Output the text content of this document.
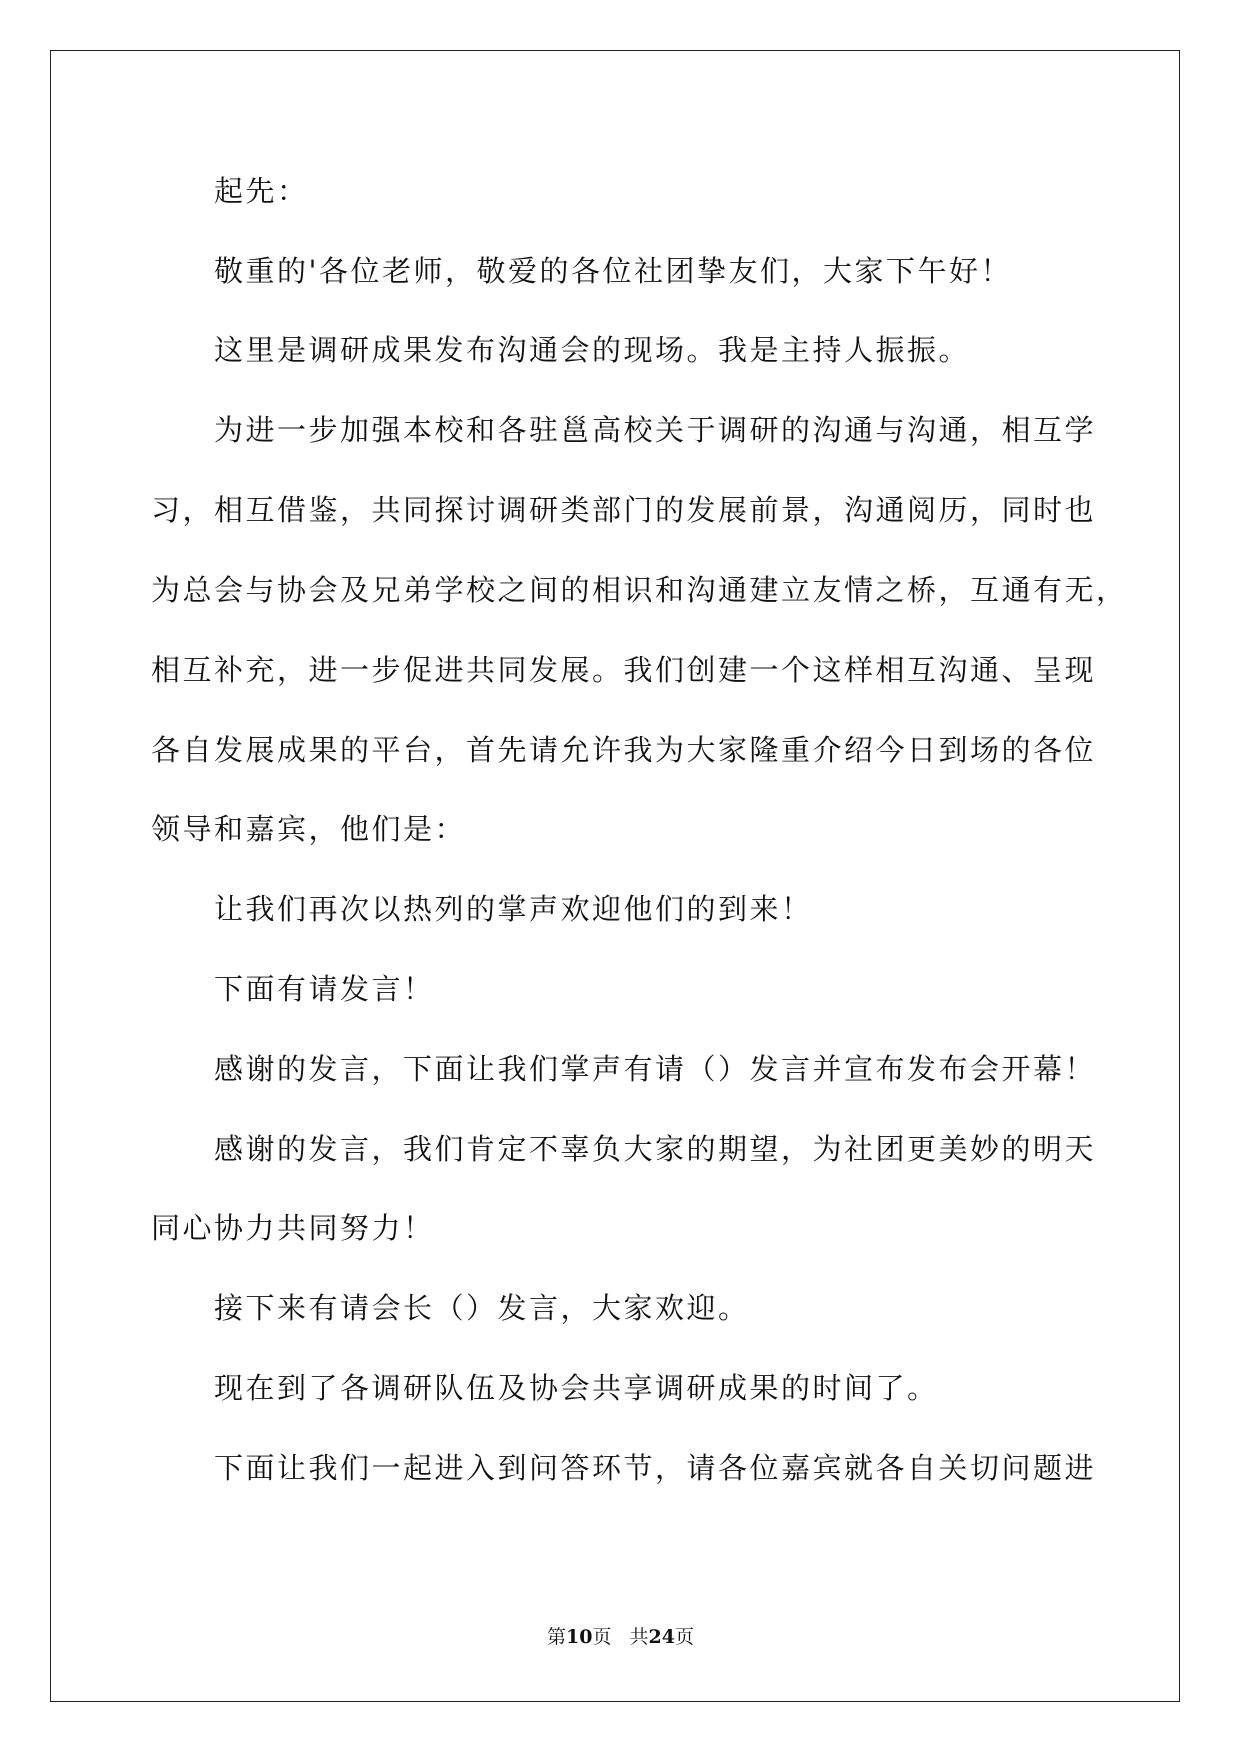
起先：
敬重的'各位老师，敬爱的各位社团挚友们，大家下午好！
这里是调研成果发布沟通会的现场。我是主持人振振。
为进一步加强本校和各驻邕高校关于调研的沟通与沟通，相互学
习，相互借鉴，共同探讨调研类部门的发展前景，沟通阅历，同时也
为总会与协会及兄弟学校之间的相识和沟通建立友情之桥，互通有无，
相互补充，进一步促进共同发展。我们创建一个这样相互沟通、呈现
各自发展成果的平台，首先请允许我为大家隆重介绍今日到场的各位
领导和嘉宾，他们是：
让我们再次以热列的掌声欢迎他们的到来！
下面有请发言！
感谢的发言，下面让我们掌声有请（）发言并宣布发布会开幕！
感谢的发言，我们肯定不辜负大家的期望，为社团更美妙的明天
同心协力共同努力！
接下来有请会长（）发言，大家欢迎。
现在到了各调研队伍及协会共享调研成果的时间了。
下面让我们一起进入到问答环节，请各位嘉宾就各自关切问题进
第10页 共24页
